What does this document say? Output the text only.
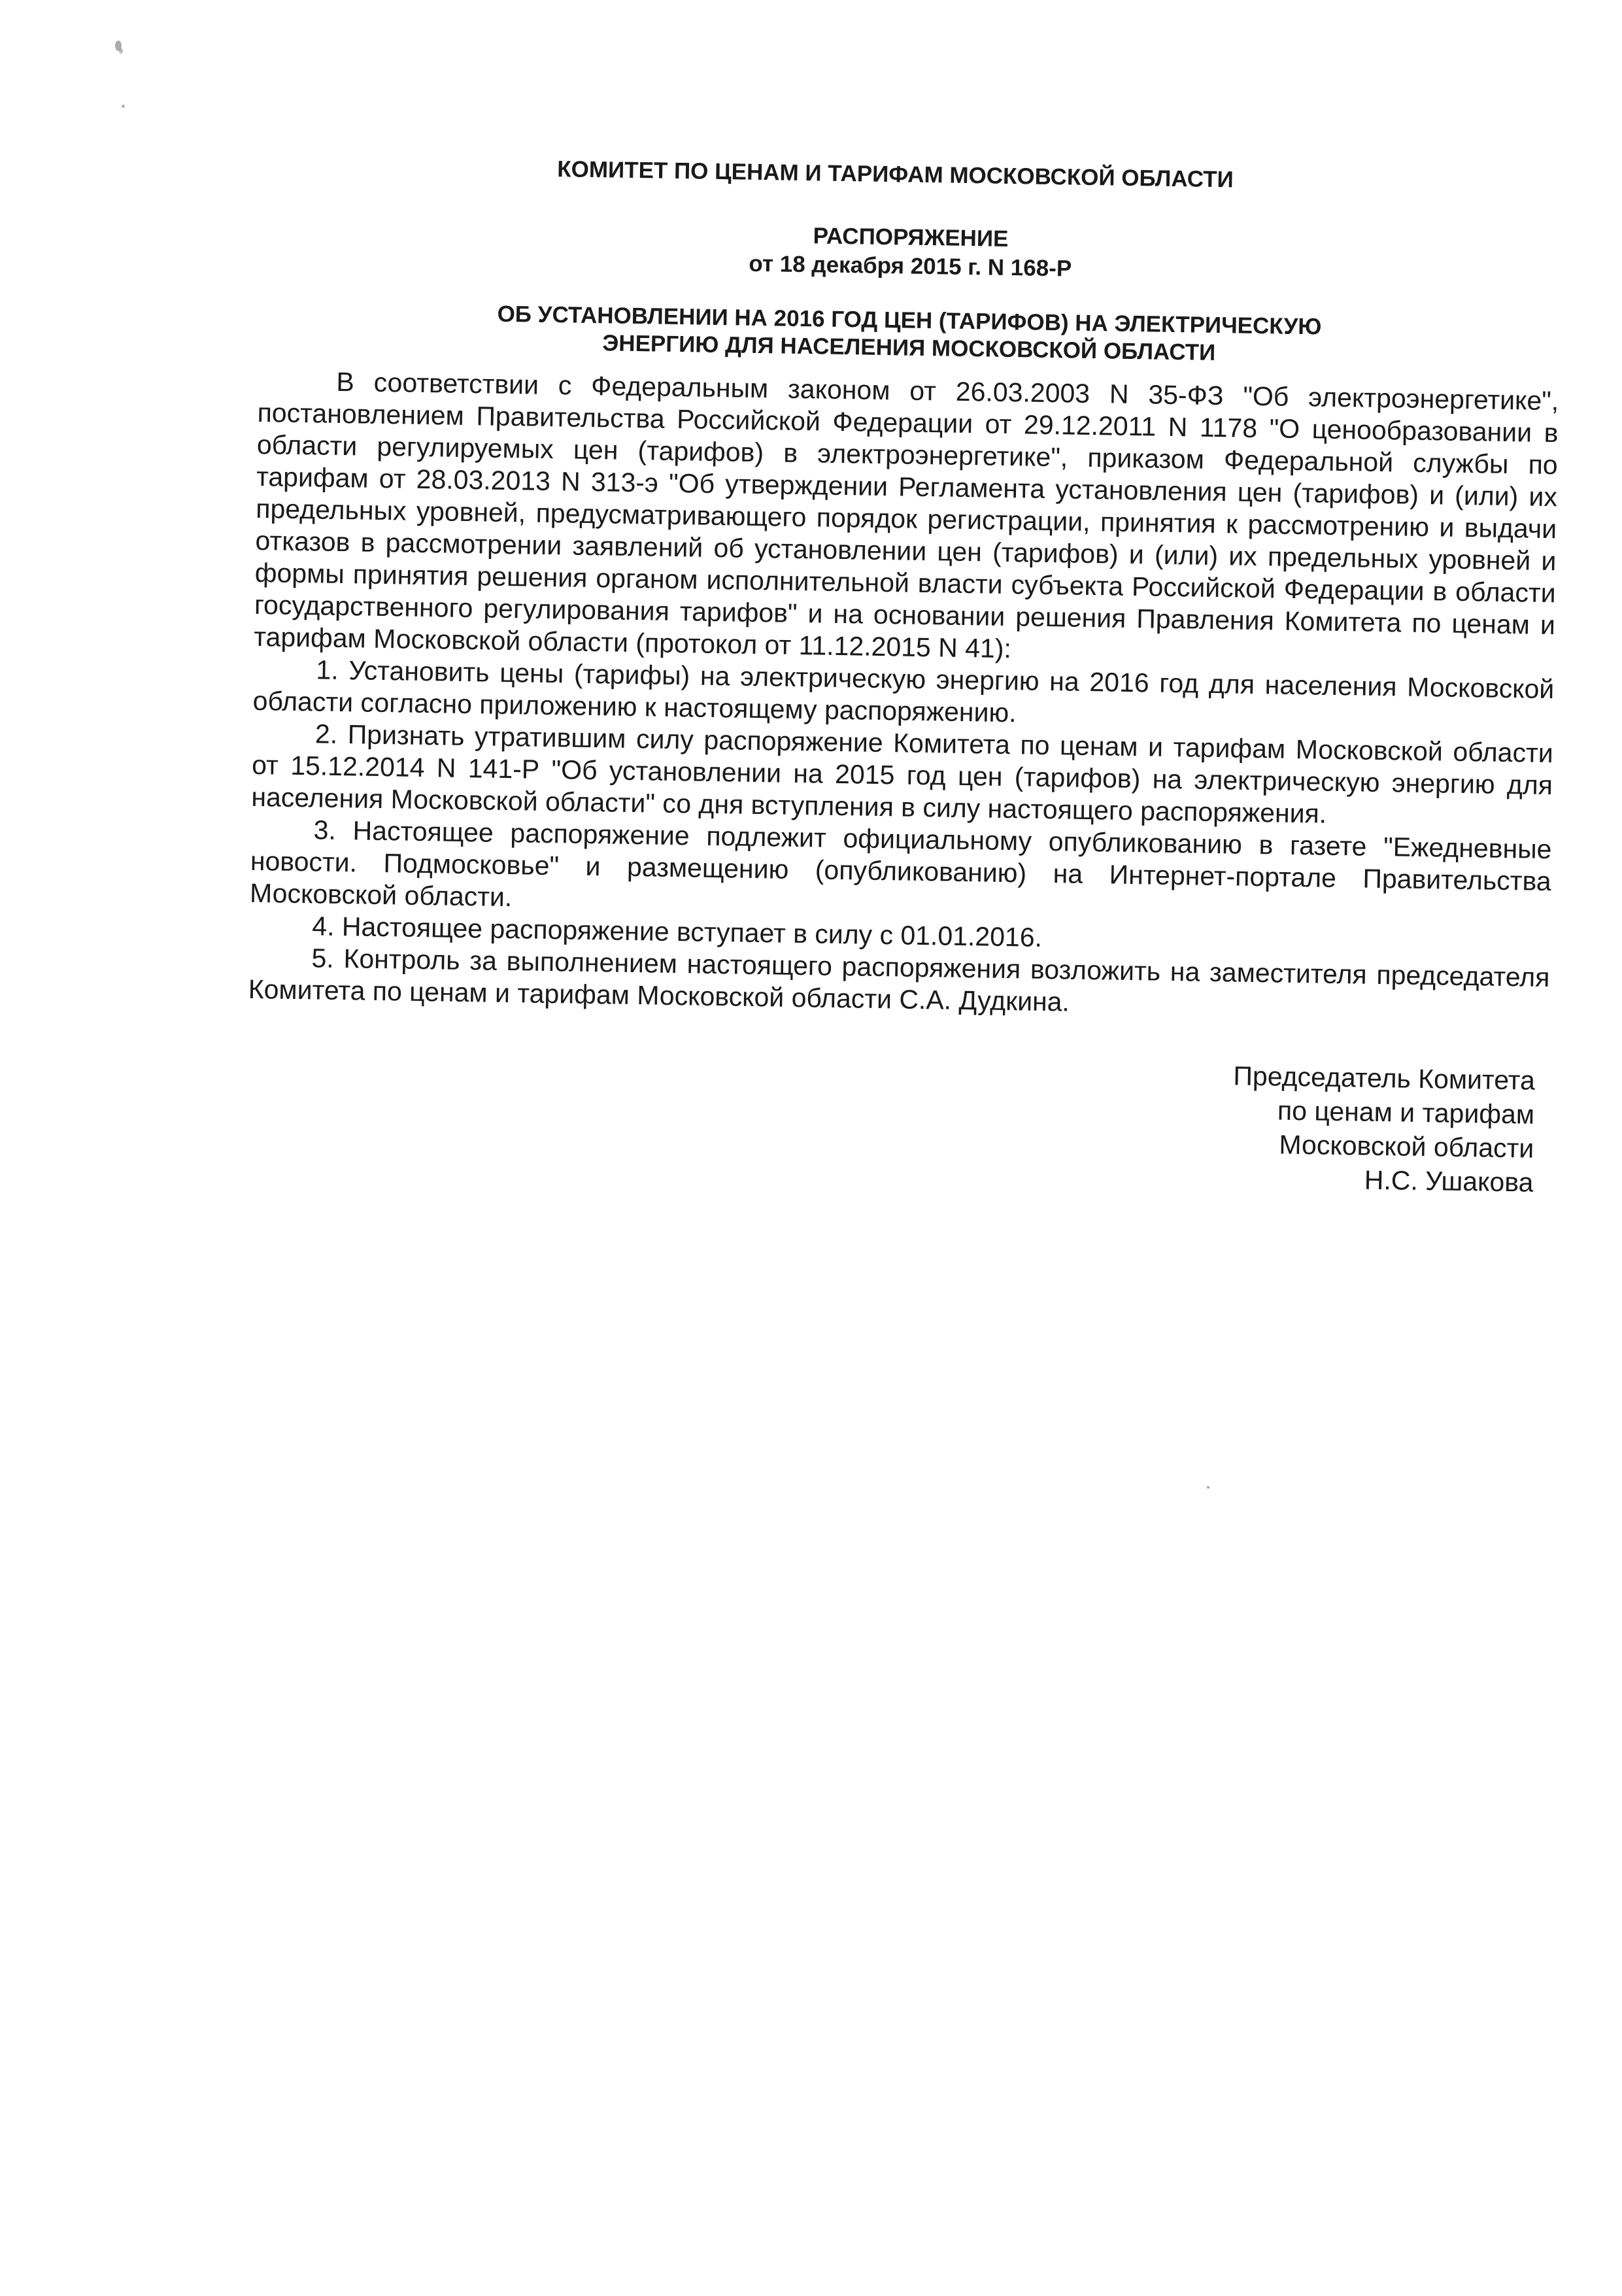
КОМИТЕТ ПО ЦЕНАМ И ТАРИФАМ МОСКОВСКОЙ ОБЛАСТИ

РАСПОРЯЖЕНИЕ

от 18 декабря 2015 г. N 168-Р

ОБ УСТАНОВЛЕНИИ НА 2016 ГОД ЦЕН (ТАРИФОВ) НА ЭЛЕКТРИЧЕСКУЮ

ЭНЕРГИЮ ДЛЯ НАСЕЛЕНИЯ МОСКОВСКОЙ ОБЛАСТИ

В соответствии с Федеральным законом от 26.03.2003 N 35-ФЗ "Об электроэнергетике", постановлением Правительства Российской Федерации от 29.12.2011 N 1178 "О ценообразовании в области регулируемых цен (тарифов) в электроэнергетике", приказом Федеральной службы по тарифам от 28.03.2013 N 313-э "Об утверждении Регламента установления цен (тарифов) и (или) их предельных уровней, предусматривающего порядок регистрации, принятия к рассмотрению и выдачи отказов в рассмотрении заявлений об установлении цен (тарифов) и (или) их предельных уровней и формы принятия решения органом исполнительной власти субъекта Российской Федерации в области государственного регулирования тарифов" и на основании решения Правления Комитета по ценам и тарифам Московской области (протокол от 11.12.2015 N 41):

1. Установить цены (тарифы) на электрическую энергию на 2016 год для населения Московской области согласно приложению к настоящему распоряжению.

2. Признать утратившим силу распоряжение Комитета по ценам и тарифам Московской области от 15.12.2014 N 141-Р "Об установлении на 2015 год цен (тарифов) на электрическую энергию для населения Московской области" со дня вступления в силу настоящего распоряжения.

3. Настоящее распоряжение подлежит официальному опубликованию в газете "Ежедневные новости. Подмосковье" и размещению (опубликованию) на Интернет-портале Правительства Московской области.

4. Настоящее распоряжение вступает в силу с 01.01.2016.

5. Контроль за выполнением настоящего распоряжения возложить на заместителя председателя Комитета по ценам и тарифам Московской области С.А. Дудкина.

Председатель Комитета
по ценам и тарифам
Московской области
Н.С. Ушакова
